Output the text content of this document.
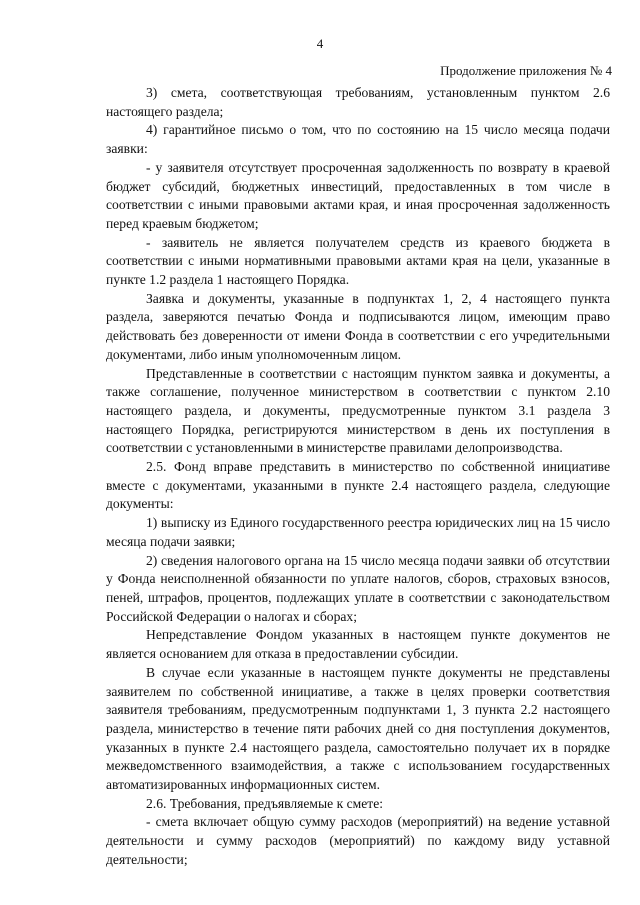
4
Продолжение приложения № 4

3) смета, соответствующая требованиям, установленным пунктом 2.6 настоящего раздела;

4) гарантийное письмо о том, что по состоянию на 15 число месяца подачи заявки:

- у заявителя отсутствует просроченная задолженность по возврату в краевой бюджет субсидий, бюджетных инвестиций, предоставленных в том числе в соответствии с иными правовыми актами края, и иная просроченная задолженность перед краевым бюджетом;

- заявитель не является получателем средств из краевого бюджета в соответствии с иными нормативными правовыми актами края на цели, указанные в пункте 1.2 раздела 1 настоящего Порядка.

Заявка и документы, указанные в подпунктах 1, 2, 4 настоящего пункта раздела, заверяются печатью Фонда и подписываются лицом, имеющим право действовать без доверенности от имени Фонда в соответствии с его учредительными документами, либо иным уполномоченным лицом.

Представленные в соответствии с настоящим пунктом заявка и документы, а также соглашение, полученное министерством в соответствии с пунктом 2.10 настоящего раздела, и документы, предусмотренные пунктом 3.1 раздела 3 настоящего Порядка, регистрируются министерством в день их поступления в соответствии с установленными в министерстве правилами делопроизводства.

2.5. Фонд вправе представить в министерство по собственной инициативе вместе с документами, указанными в пункте 2.4 настоящего раздела, следующие документы:

1) выписку из Единого государственного реестра юридических лиц на 15 число месяца подачи заявки;

2) сведения налогового органа на 15 число месяца подачи заявки об отсутствии у Фонда неисполненной обязанности по уплате налогов, сборов, страховых взносов, пеней, штрафов, процентов, подлежащих уплате в соответствии с законодательством Российской Федерации о налогах и сборах;

Непредставление Фондом указанных в настоящем пункте документов не является основанием для отказа в предоставлении субсидии.

В случае если указанные в настоящем пункте документы не представлены заявителем по собственной инициативе, а также в целях проверки соответствия заявителя требованиям, предусмотренным подпунктами 1, 3 пункта 2.2 настоящего раздела, министерство в течение пяти рабочих дней со дня поступления документов, указанных в пункте 2.4 настоящего раздела, самостоятельно получает их в порядке межведомственного взаимодействия, а также с использованием государственных автоматизированных информационных систем.

2.6. Требования, предъявляемые к смете:

- смета включает общую сумму расходов (мероприятий) на ведение уставной деятельности и сумму расходов (мероприятий) по каждому виду уставной деятельности;
